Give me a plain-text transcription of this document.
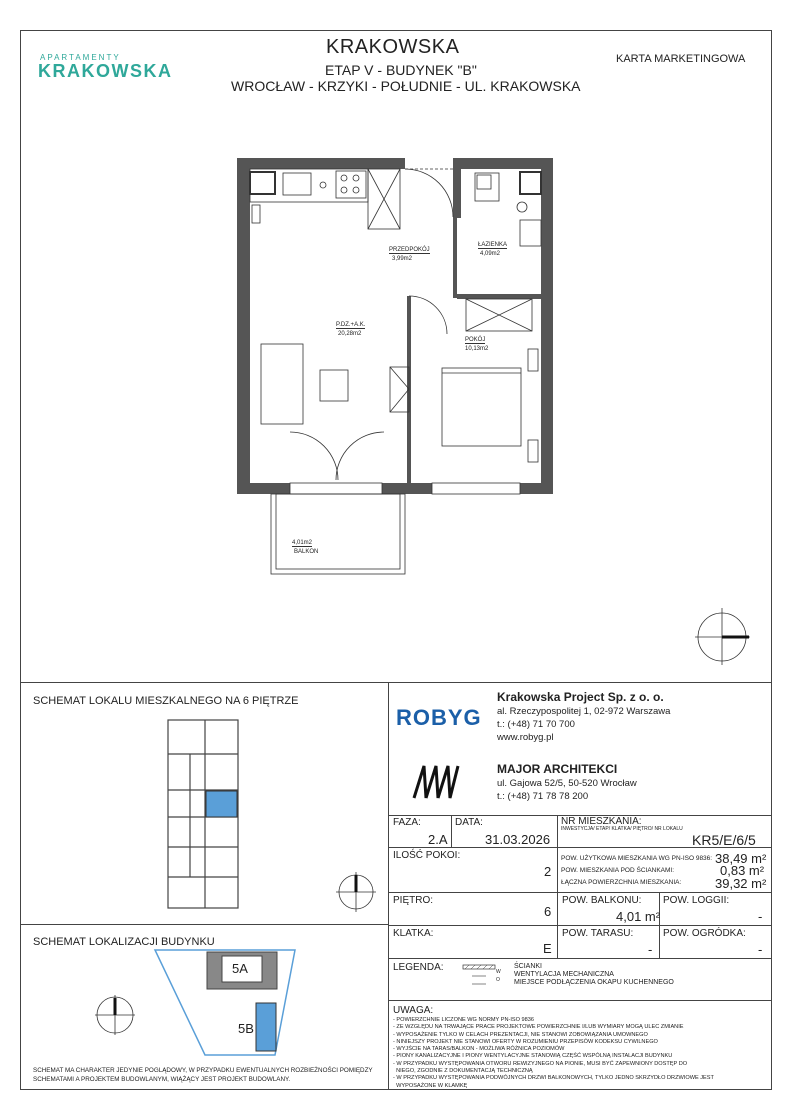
APARTAMENTY
KRAKOWSKA
KRAKOWSKA
ETAP V - BUDYNEK "B"
WROCŁAW - KRZYKI - POŁUDNIE - UL. KRAKOWSKA
KARTA MARKETINGOWA
PRZEDPOKÓJ
3,99m2
ŁAZIENKA
4,09m2
P.DZ.+A.K.
20,28m2
POKÓJ
10,13m2
4,01m2
BALKON
SCHEMAT LOKALU MIESZKALNEGO NA 6 PIĘTRZE
SCHEMAT LOKALIZACJI BUDYNKU
5A
5B
SCHEMAT MA CHARAKTER JEDYNIE POGLĄDOWY, W PRZYPADKU EWENTUALNYCH ROZBIEŻNOŚCI POMIĘDZY SCHEMATAMI A PROJEKTEM BUDOWLANYM, WIĄŻĄCY JEST PROJEKT BUDOWLANY.
ROBYG
Krakowska Project Sp. z o. o.
al. Rzeczypospolitej 1, 02-972 Warszawa
t.: (+48) 71 70 700
www.robyg.pl
MAJOR ARCHITEKCI
ul. Gajowa 52/5, 50-520 Wrocław
t.: (+48) 71 78 78 200
FAZA:
2.A
DATA:
31.03.2026
NR MIESZKANIA:
INWESTYCJA/ ETAP/ KLATKA/ PIĘTRO/ NR LOKALU
KR5/E/6/5
ILOŚĆ POKOI:
2
POW. UŻYTKOWA MIESZKANIA WG PN-ISO 9836: 38,49 m²
POW. MIESZKANIA POD ŚCIANKAMI:	0,83 m²
ŁĄCZNA POWIERZCHNIA MIESZKANIA:	39,32 m²
PIĘTRO:
6
POW. BALKONU:
4,01 m²
POW. LOGGII:
-
KLATKA:
E
POW. TARASU:
-
POW. OGRÓDKA:
-
LEGENDA:	W
O
ŚCIANKI
WENTYLACJA MECHANICZNA
MIEJSCE PODŁĄCZENIA OKAPU KUCHENNEGO
UWAGA:
- POWIERZCHNIE LICZONE WG NORMY PN-ISO 9836
- ZE WZGLĘDU NA TRWAJĄCE PRACE PROJEKTOWE POWIERZCHNIE I/LUB WYMIARY MOGĄ ULEC ZMIANIE
- WYPOSAŻENIE TYLKO W CELACH PREZENTACJI, NIE STANOWI ZOBOWIĄZANIA UMOWNEGO
- NINIEJSZY PROJEKT NIE STANOWI OFERTY W ROZUMIENIU PRZEPISÓW KODEKSU CYWILNEGO
- WYJŚCIE NA TARAS/BALKON - MOŻLIWA RÓŻNICA POZIOMÓW
- PIONY KANALIZACYJNE I PIONY WENTYLACYJNE STANOWIĄ CZĘŚĆ WSPÓLNĄ INSTALACJI BUDYNKU
- W PRZYPADKU WYSTĘPOWANIA OTWORU REWIZYJNEGO NA PIONIE, MUSI BYĆ ZAPEWNIONY DOSTĘP DO
NIEGO, ZGODNIE Z DOKUMENTACJĄ TECHNICZNĄ
- W PRZYPADKU WYSTĘPOWANIA PODWÓJNYCH DRZWI BALKONOWYCH, TYLKO JEDNO SKRZYDŁO DRZWIOWE JEST
WYPOSAŻONE W KLAMKĘ
